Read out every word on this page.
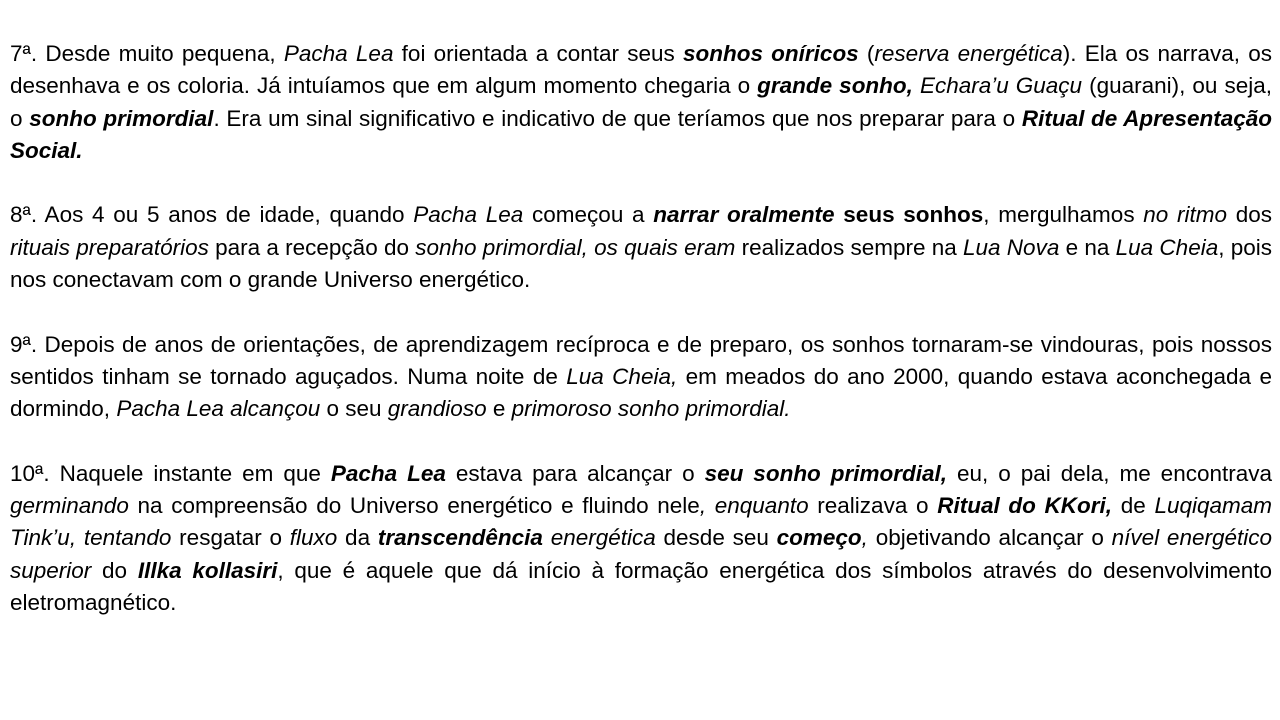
7ª. Desde muito pequena, Pacha Lea foi orientada a contar seus sonhos oníricos (reserva energética). Ela os narrava, os desenhava e os coloria. Já intuíamos que em algum momento chegaria o grande sonho, Echara’u Guaçu (guarani), ou seja, o sonho primordial. Era um sinal significativo e indicativo de que teríamos que nos preparar para o Ritual de Apresentação Social.

8ª. Aos 4 ou 5 anos de idade, quando Pacha Lea começou a narrar oralmente seus sonhos, mergulhamos no ritmo dos rituais preparatórios para a recepção do sonho primordial, os quais eram realizados sempre na Lua Nova e na Lua Cheia, pois nos conectavam com o grande Universo energético.

9ª. Depois de anos de orientações, de aprendizagem recíproca e de preparo, os sonhos tornaram-se vindouras, pois nossos sentidos tinham se tornado aguçados. Numa noite de Lua Cheia, em meados do ano 2000, quando estava aconchegada e dormindo, Pacha Lea alcançou o seu grandioso e primoroso sonho primordial.

10ª. Naquele instante em que Pacha Lea estava para alcançar o seu sonho primordial, eu, o pai dela, me encontrava germinando na compreensão do Universo energético e fluindo nele, enquanto realizava o Ritual do KKori, de Luqiqamam Tink’u, tentando resgatar o fluxo da transcendência energética desde seu começo, objetivando alcançar o nível energético superior do Illka kollasiri, que é aquele que dá início à formação energética dos símbolos através do desenvolvimento eletromagnético.
